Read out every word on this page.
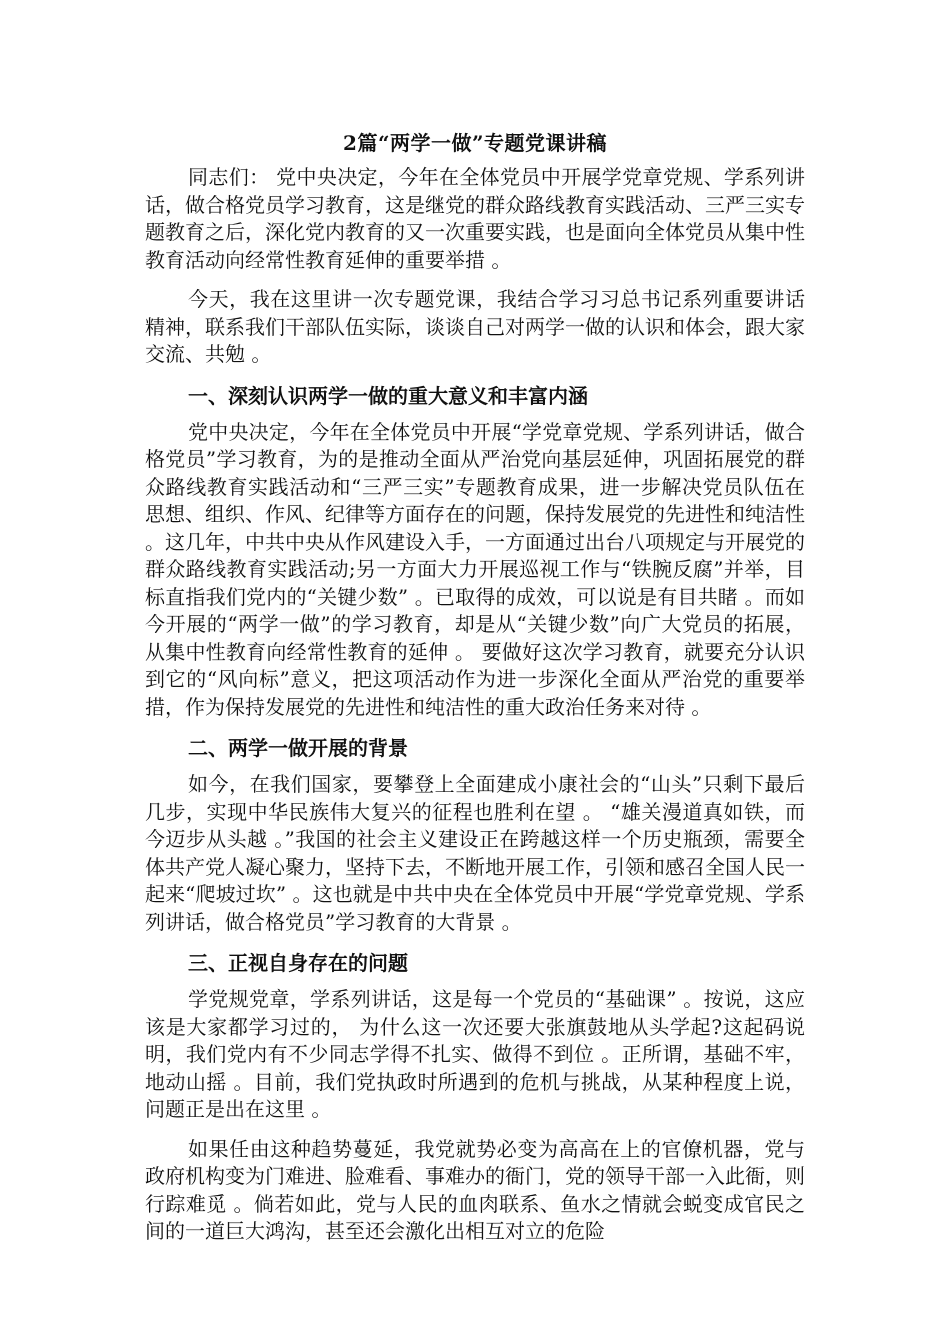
2篇“两学一做”专题党课讲稿

同志们： 党中央决定，今年在全体党员中开展学党章党规、学系列讲话，做合格党员学习教育，这是继党的群众路线教育实践活动、三严三实专题教育之后，深化党内教育的又一次重要实践，也是面向全体党员从集中性教育活动向经常性教育延伸的重要举措 。

今天，我在这里讲一次专题党课，我结合学习习总书记系列重要讲话精神，联系我们干部队伍实际，谈谈自己对两学一做的认识和体会，跟大家交流、共勉 。

一、深刻认识两学一做的重大意义和丰富内涵

党中央决定，今年在全体党员中开展“学党章党规、学系列讲话，做合格党员”学习教育，为的是推动全面从严治党向基层延伸，巩固拓展党的群众路线教育实践活动和“三严三实”专题教育成果，进一步解决党员队伍在思想、组织、作风、纪律等方面存在的问题，保持发展党的先进性和纯洁性 。这几年，中共中央从作风建设入手，一方面通过出台八项规定与开展党的群众路线教育实践活动;另一方面大力开展巡视工作与“铁腕反腐”并举，目标直指我们党内的“关键少数” 。已取得的成效，可以说是有目共睹 。而如今开展的“两学一做”的学习教育，却是从“关键少数”向广大党员的拓展，从集中性教育向经常性教育的延伸 。 要做好这次学习教育，就要充分认识到它的“风向标”意义，把这项活动作为进一步深化全面从严治党的重要举措，作为保持发展党的先进性和纯洁性的重大政治任务来对待 。

二、两学一做开展的背景

如今，在我们国家，要攀登上全面建成小康社会的“山头”只剩下最后几步，实现中华民族伟大复兴的征程也胜利在望 。 “雄关漫道真如铁，而今迈步从头越 。”我国的社会主义建设正在跨越这样一个历史瓶颈，需要全体共产党人凝心聚力，坚持下去，不断地开展工作，引领和感召全国人民一起来“爬坡过坎” 。这也就是中共中央在全体党员中开展“学党章党规、学系列讲话，做合格党员”学习教育的大背景 。

三、正视自身存在的问题

学党规党章，学系列讲话，这是每一个党员的“基础课” 。按说，这应该是大家都学习过的， 为什么这一次还要大张旗鼓地从头学起?这起码说明，我们党内有不少同志学得不扎实、做得不到位 。正所谓，基础不牢，地动山摇 。目前，我们党执政时所遇到的危机与挑战，从某种程度上说，问题正是出在这里 。

如果任由这种趋势蔓延，我党就势必变为高高在上的官僚机器，党与政府机构变为门难进、脸难看、事难办的衙门，党的领导干部一入此衙，则行踪难觅 。倘若如此，党与人民的血肉联系、鱼水之情就会蜕变成官民之间的一道巨大鸿沟，甚至还会激化出相互对立的危险
